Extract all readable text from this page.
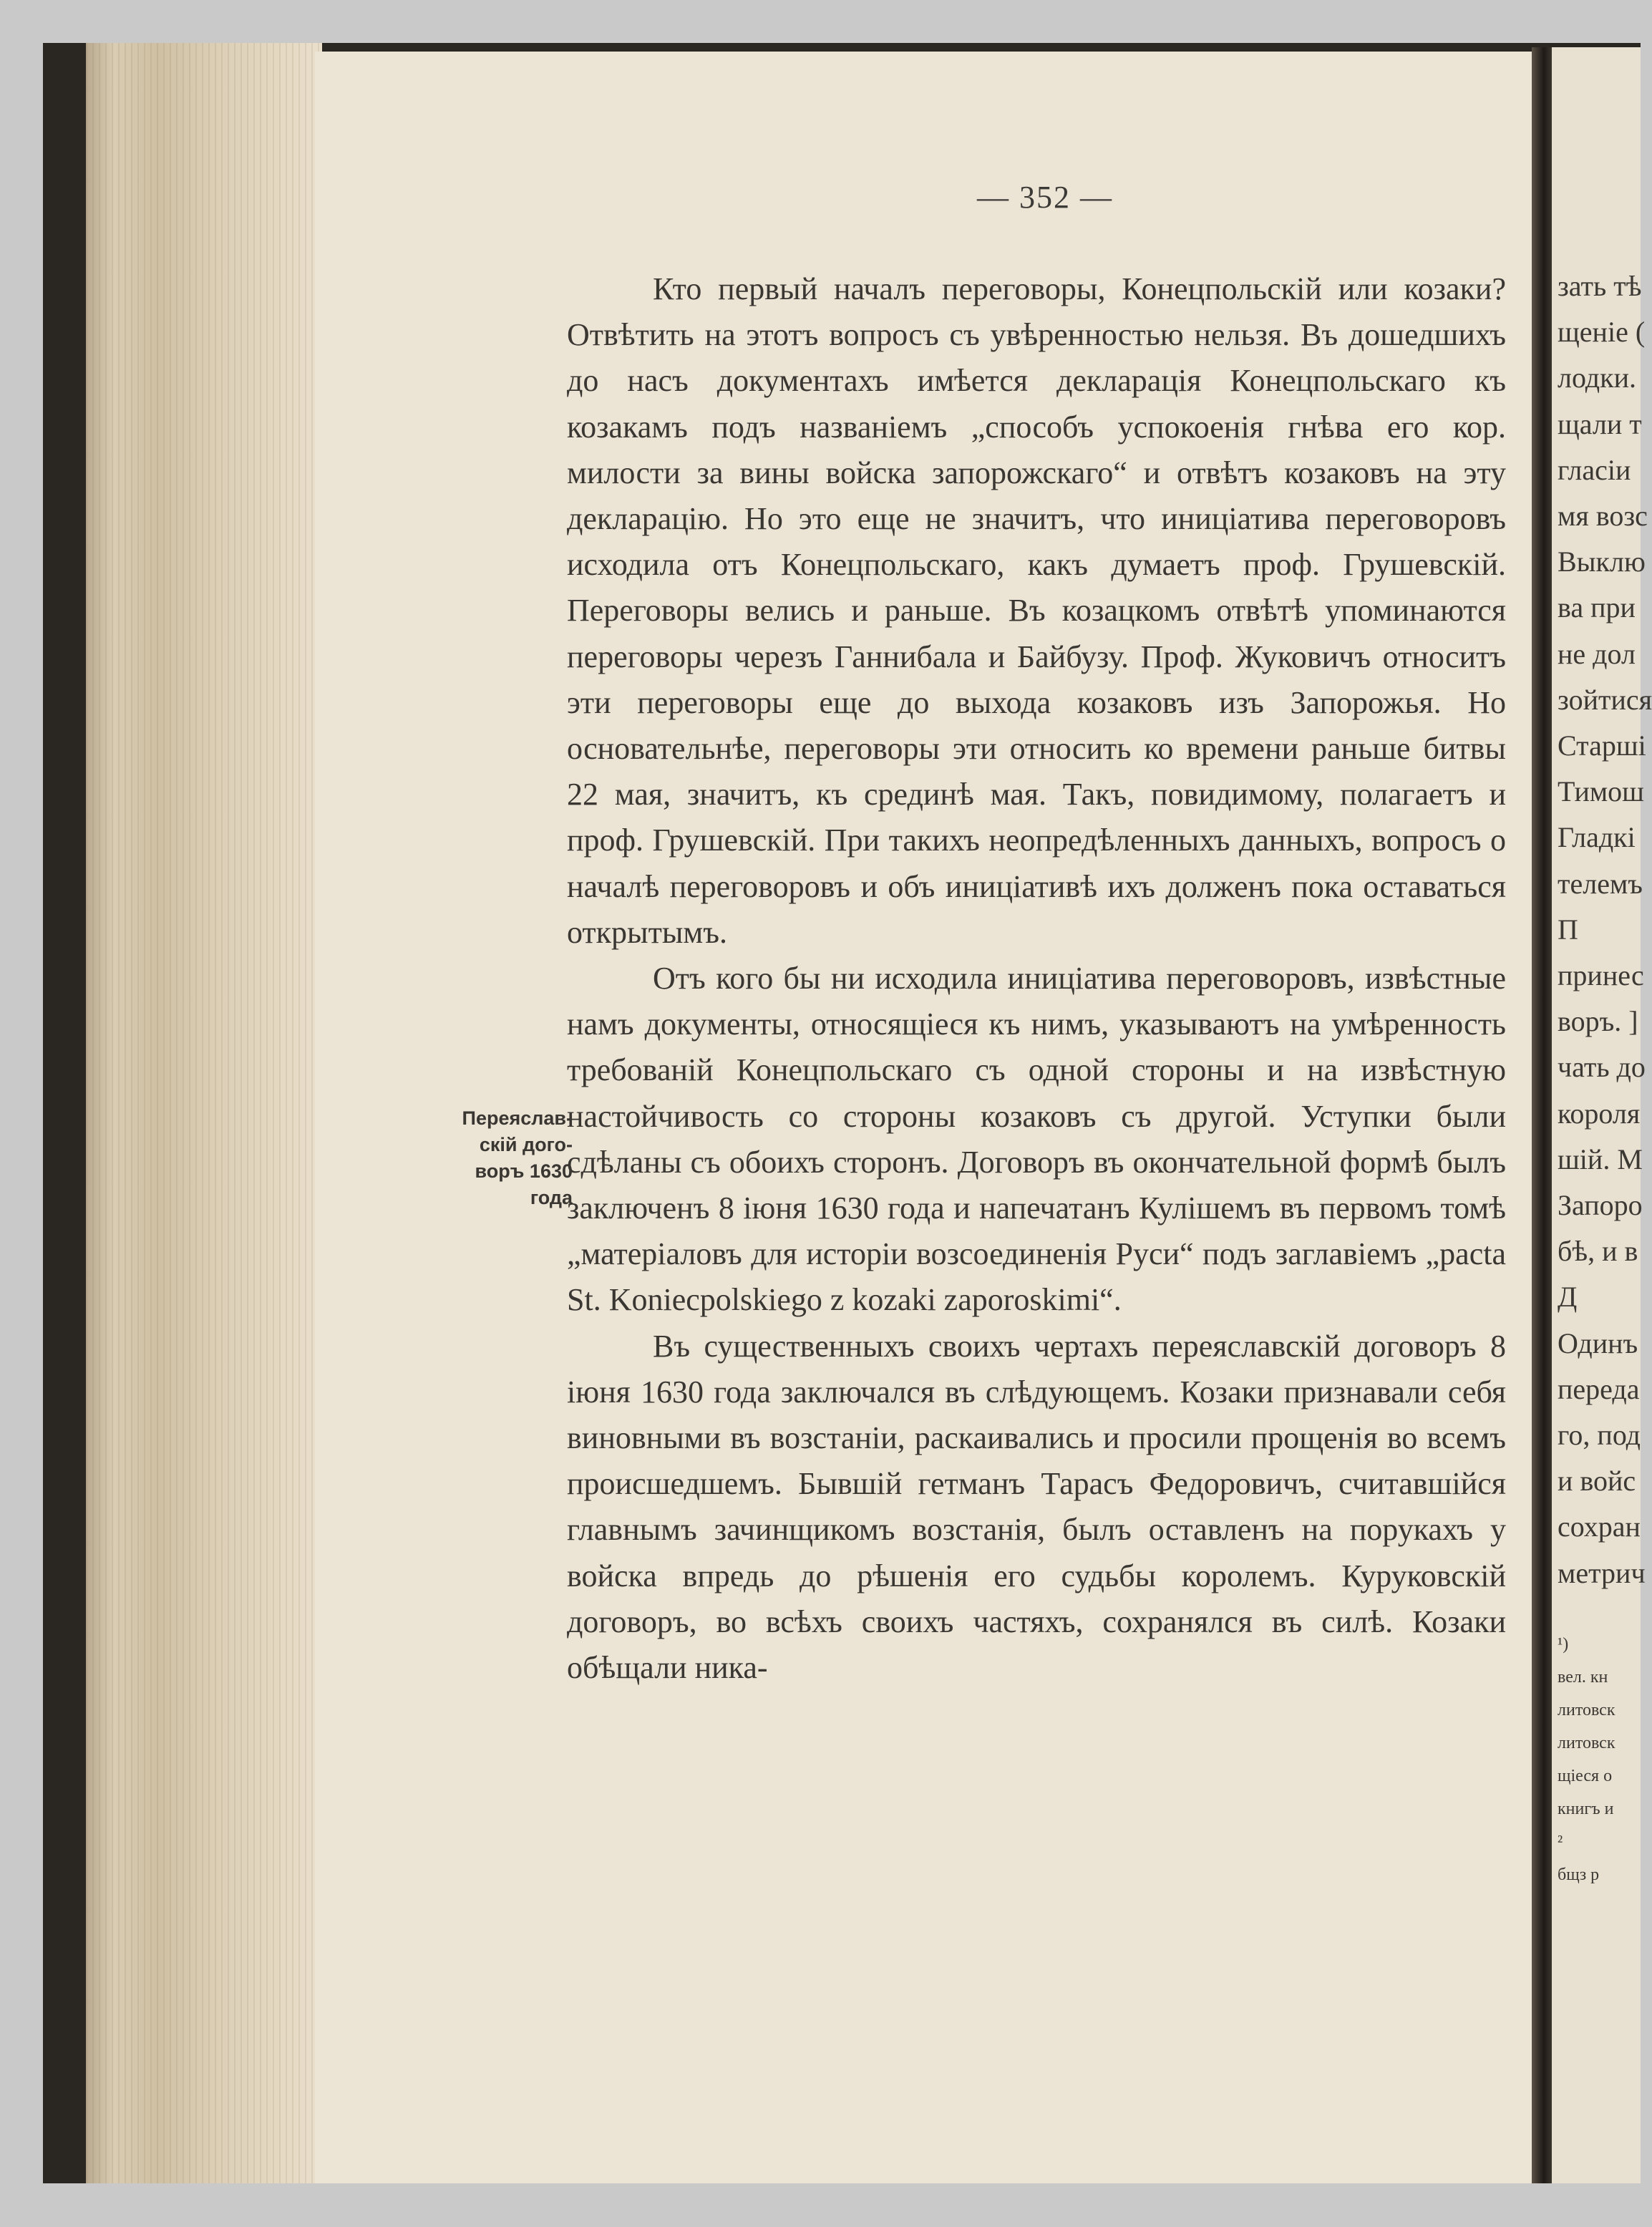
зать тѣ
щеніе (
лодки.
щали т
гласіи
мя возс
Выклю
ва при
не дол
зойтися
Старші
Тимош
Гладкі
телемъ
П
принес
воръ. ]
чать до
короля
шій. М
Запоро
бѣ, и в
Д
Одинъ
переда
го, под
и войс
сохран
метрич
¹)
вел. кн
литовск
литовск
щіеся о
книгъ и
²
бщз р
— 352 —
Переяслав-
скій дого-
воръ 1630
года

Кто первый началъ переговоры, Конецпольскій или козаки? Отвѣтить на этотъ вопросъ съ увѣренностью нельзя. Въ дошедшихъ до насъ документахъ имѣется декларація Конецпольскаго къ козакамъ подъ названіемъ „способъ успокоенія гнѣва его кор. милости за вины войска запорожскаго“ и отвѣтъ козаковъ на эту декларацію. Но это еще не значитъ, что иниціатива переговоровъ исходила отъ Конецпольскаго, какъ думаетъ проф. Грушевскій. Переговоры велись и раньше. Въ козацкомъ отвѣтѣ упоминаются переговоры черезъ Ганнибала и Байбузу. Проф. Жуковичъ относитъ эти переговоры еще до выхода козаковъ изъ Запорожья. Но основательнѣе, переговоры эти относить ко времени раньше битвы 22 мая, значитъ, къ срединѣ мая. Такъ, повидимому, полагаетъ и проф. Грушевскій. При такихъ неопредѣленныхъ данныхъ, вопросъ о началѣ переговоровъ и объ иниціативѣ ихъ долженъ пока оставаться открытымъ.

Отъ кого бы ни исходила иниціатива переговоровъ, извѣстные намъ документы, относящіеся къ нимъ, указываютъ на умѣренность требованій Конецпольскаго съ одной стороны и на извѣстную настойчивость со стороны козаковъ съ другой. Уступки были сдѣланы съ обоихъ сторонъ. Договоръ въ окончательной формѣ былъ заключенъ 8 іюня 1630 года и напечатанъ Кулішемъ въ первомъ томѣ „матеріаловъ для исторіи возсоединенія Руси“ подъ заглавіемъ „pacta St. Koniecpolskiego z kozaki zaporoskimi“.

Въ существенныхъ своихъ чертахъ переяславскій договоръ 8 іюня 1630 года заключался въ слѣдующемъ. Козаки признавали себя виновными въ возстаніи, раскаивались и просили прощенія во всемъ происшедшемъ. Бывшій гетманъ Тарасъ Федоровичъ, считавшійся главнымъ зачинщикомъ возстанія, былъ оставленъ на порукахъ у войска впредь до рѣшенія его судьбы королемъ. Куруковскій договоръ, во всѣхъ своихъ частяхъ, сохранялся въ силѣ. Козаки обѣщали ника-
